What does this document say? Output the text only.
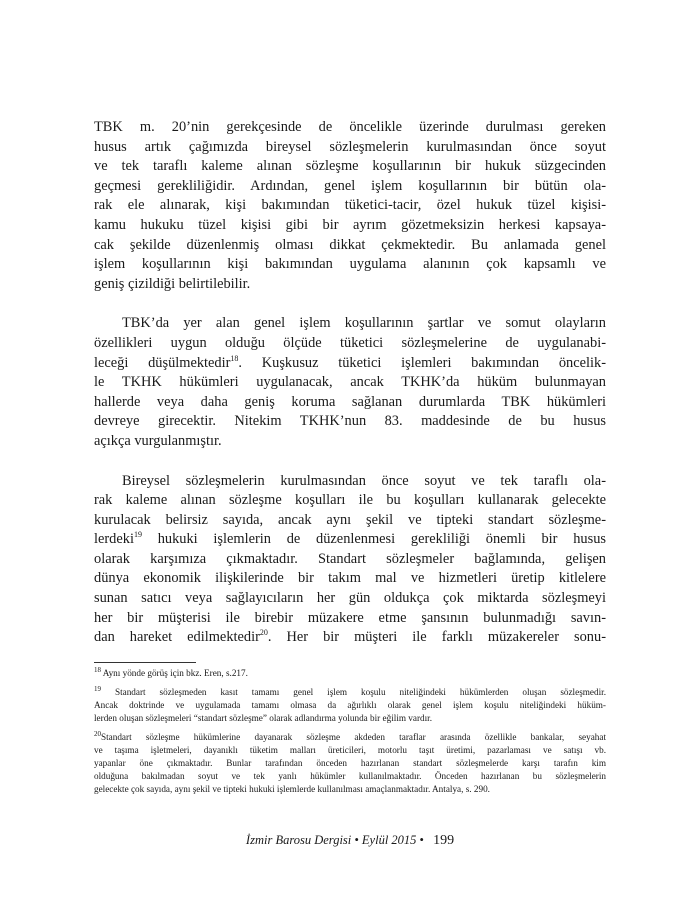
TBK m. 20’nin gerekçesinde de öncelikle üzerinde durulması gereken
husus artık çağımızda bireysel sözleşmelerin kurulmasından önce soyut
ve tek taraflı kaleme alınan sözleşme koşullarının bir hukuk süzgecinden
geçmesi gerekliliğidir. Ardından, genel işlem koşullarının bir bütün ola-
rak ele alınarak, kişi bakımından tüketici-tacir, özel hukuk tüzel kişisi-
kamu hukuku tüzel kişisi gibi bir ayrım gözetmeksizin herkesi kapsaya-
cak şekilde düzenlenmiş olması dikkat çekmektedir. Bu anlamada genel
işlem koşullarının kişi bakımından uygulama alanının çok kapsamlı ve
geniş çizildiği belirtilebilir.

TBK’da yer alan genel işlem koşullarının şartlar ve somut olayların
özellikleri uygun olduğu ölçüde tüketici sözleşmelerine de uygulanabi-
leceği düşülmektedir$^{18}$. Kuşkusuz tüketici işlemleri bakımından öncelik-
le TKHK hükümleri uygulanacak, ancak TKHK’da hüküm bulunmayan
hallerde veya daha geniş koruma sağlanan durumlarda TBK hükümleri
devreye girecektir. Nitekim TKHK’nun 83. maddesinde de bu husus
açıkça vurgulanmıştır.

Bireysel sözleşmelerin kurulmasından önce soyut ve tek taraflı ola-
rak kaleme alınan sözleşme koşulları ile bu koşulları kullanarak gelecekte
kurulacak belirsiz sayıda, ancak aynı şekil ve tipteki standart sözleşme-
lerdeki$^{19}$ hukuki işlemlerin de düzenlenmesi gerekliliği önemli bir husus
olarak karşımıza çıkmaktadır. Standart sözleşmeler bağlamında, gelişen
dünya ekonomik ilişkilerinde bir takım mal ve hizmetleri üretip kitlelere
sunan satıcı veya sağlayıcıların her gün oldukça çok miktarda sözleşmeyi
her bir müşterisi ile birebir müzakere etme şansının bulunmadığı savın-
dan hareket edilmektedir$^{20}$. Her bir müşteri ile farklı müzakereler sonu-

$^{18}$ Aynı yönde görüş için bkz. Eren, s.217.

$^{19}$ Standart sözleşmeden kasıt tamamı genel işlem koşulu niteliğindeki hükümlerden oluşan sözleşmedir.
Ancak doktrinde ve uygulamada tamamı olmasa da ağırlıklı olarak genel işlem koşulu niteliğindeki hüküm-
lerden oluşan sözleşmeleri “standart sözleşme” olarak adlandırma yolunda bir eğilim vardır.

$^{20}$Standart sözleşme hükümlerine dayanarak sözleşme akdeden taraflar arasında özellikle bankalar, seyahat
ve taşıma işletmeleri, dayanıklı tüketim malları üreticileri, motorlu taşıt üretimi, pazarlaması ve satışı vb.
yapanlar öne çıkmaktadır. Bunlar tarafından önceden hazırlanan standart sözleşmelerde karşı tarafın kim
olduğuna bakılmadan soyut ve tek yanlı hükümler kullanılmaktadır. Önceden hazırlanan bu sözleşmelerin
gelecekte çok sayıda, aynı şekil ve tipteki hukuki işlemlerde kullanılması amaçlanmaktadır. Antalya, s. 290.

İzmir Barosu Dergisi • Eylül 2015 • 199
